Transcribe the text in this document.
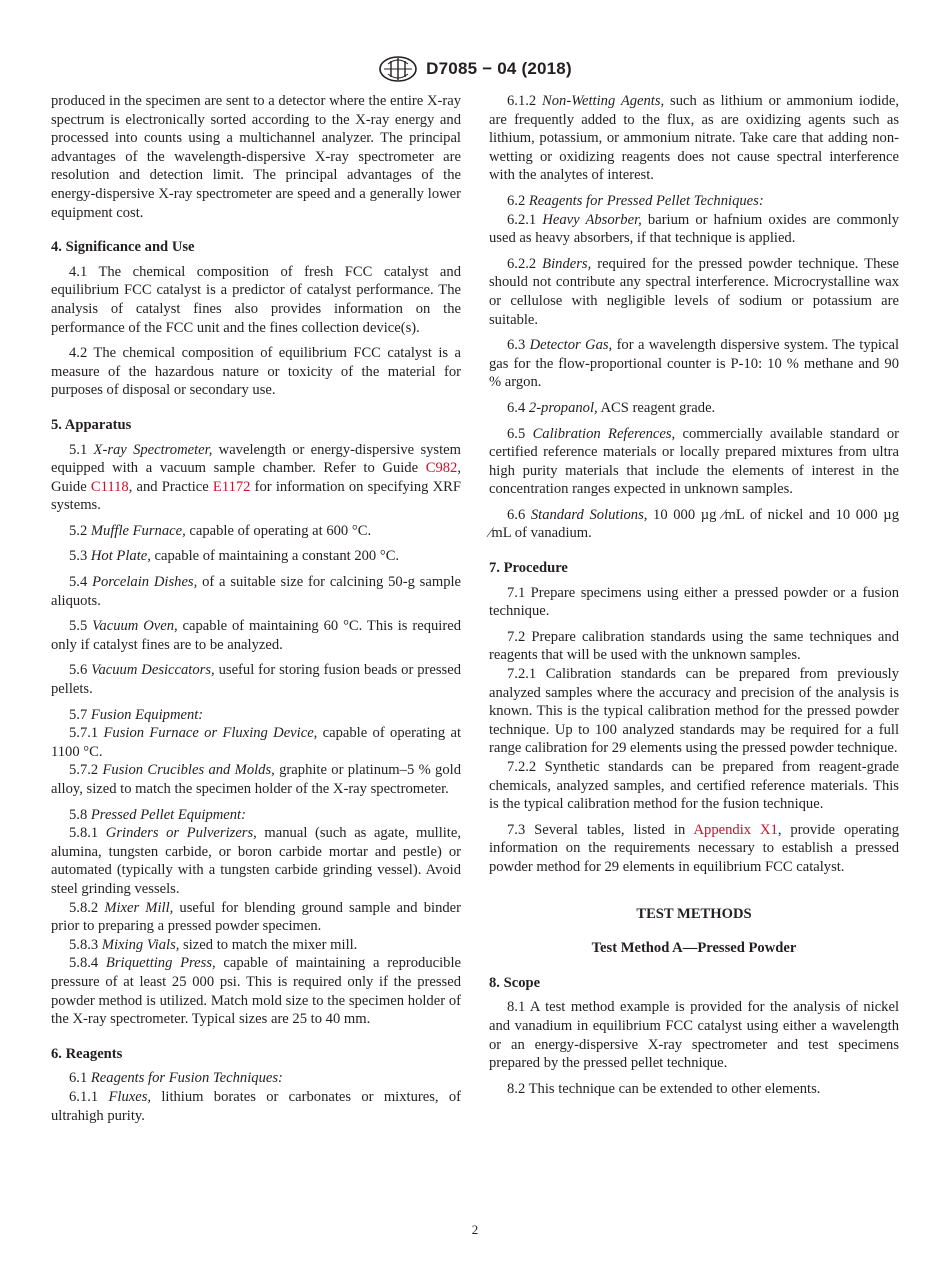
D7085 − 04 (2018)

produced in the specimen are sent to a detector where the entire X-ray spectrum is electronically sorted according to the X-ray energy and processed into counts using a multichannel analyzer. The principal advantages of the wavelength-dispersive X-ray spectrometer are resolution and detection limit. The principal advantages of the energy-dispersive X-ray spectrometer are speed and a generally lower equipment cost.

4. Significance and Use

4.1 The chemical composition of fresh FCC catalyst and equilibrium FCC catalyst is a predictor of catalyst performance. The analysis of catalyst fines also provides information on the performance of the FCC unit and the fines collection device(s).

4.2 The chemical composition of equilibrium FCC catalyst is a measure of the hazardous nature or toxicity of the material for purposes of disposal or secondary use.

5. Apparatus

5.1 X-ray Spectrometer, wavelength or energy-dispersive system equipped with a vacuum sample chamber. Refer to Guide C982, Guide C1118, and Practice E1172 for information on specifying XRF systems.

5.2 Muffle Furnace, capable of operating at 600 °C.

5.3 Hot Plate, capable of maintaining a constant 200 °C.

5.4 Porcelain Dishes, of a suitable size for calcining 50-g sample aliquots.

5.5 Vacuum Oven, capable of maintaining 60 °C. This is required only if catalyst fines are to be analyzed.

5.6 Vacuum Desiccators, useful for storing fusion beads or pressed pellets.

5.7 Fusion Equipment:

5.7.1 Fusion Furnace or Fluxing Device, capable of operating at 1100 °C.

5.7.2 Fusion Crucibles and Molds, graphite or platinum–5 % gold alloy, sized to match the specimen holder of the X-ray spectrometer.

5.8 Pressed Pellet Equipment:

5.8.1 Grinders or Pulverizers, manual (such as agate, mullite, alumina, tungsten carbide, or boron carbide mortar and pestle) or automated (typically with a tungsten carbide grinding vessel). Avoid steel grinding vessels.

5.8.2 Mixer Mill, useful for blending ground sample and binder prior to preparing a pressed powder specimen.

5.8.3 Mixing Vials, sized to match the mixer mill.

5.8.4 Briquetting Press, capable of maintaining a reproducible pressure of at least 25 000 psi. This is required only if the pressed powder method is utilized. Match mold size to the specimen holder of the X-ray spectrometer. Typical sizes are 25 to 40 mm.

6. Reagents

6.1 Reagents for Fusion Techniques:

6.1.1 Fluxes, lithium borates or carbonates or mixtures, of ultrahigh purity.

6.1.2 Non-Wetting Agents, such as lithium or ammonium iodide, are frequently added to the flux, as are oxidizing agents such as lithium, potassium, or ammonium nitrate. Take care that adding non-wetting or oxidizing reagents does not cause spectral interference with the analytes of interest.

6.2 Reagents for Pressed Pellet Techniques:

6.2.1 Heavy Absorber, barium or hafnium oxides are commonly used as heavy absorbers, if that technique is applied.

6.2.2 Binders, required for the pressed powder technique. These should not contribute any spectral interference. Microcrystalline wax or cellulose with negligible levels of sodium or potassium are suitable.

6.3 Detector Gas, for a wavelength dispersive system. The typical gas for the flow-proportional counter is P-10: 10 % methane and 90 % argon.

6.4 2-propanol, ACS reagent grade.

6.5 Calibration References, commercially available standard or certified reference materials or locally prepared mixtures from ultra high purity materials that include the elements of interest in the concentration ranges expected in unknown samples.

6.6 Standard Solutions, 10 000 µg ⁄mL of nickel and 10 000 µg ⁄mL of vanadium.

7. Procedure

7.1 Prepare specimens using either a pressed powder or a fusion technique.

7.2 Prepare calibration standards using the same techniques and reagents that will be used with the unknown samples.

7.2.1 Calibration standards can be prepared from previously analyzed samples where the accuracy and precision of the analysis is known. This is the typical calibration method for the pressed powder technique. Up to 100 analyzed standards may be required for a full range calibration for 29 elements using the pressed powder technique.

7.2.2 Synthetic standards can be prepared from reagent-grade chemicals, analyzed samples, and certified reference materials. This is the typical calibration method for the fusion technique.

7.3 Several tables, listed in Appendix X1, provide operating information on the requirements necessary to establish a pressed powder method for 29 elements in equilibrium FCC catalyst.

TEST METHODS

Test Method A—Pressed Powder

8. Scope

8.1 A test method example is provided for the analysis of nickel and vanadium in equilibrium FCC catalyst using either a wavelength or an energy-dispersive X-ray spectrometer and test specimens prepared by the pressed pellet technique.

8.2 This technique can be extended to other elements.

2
